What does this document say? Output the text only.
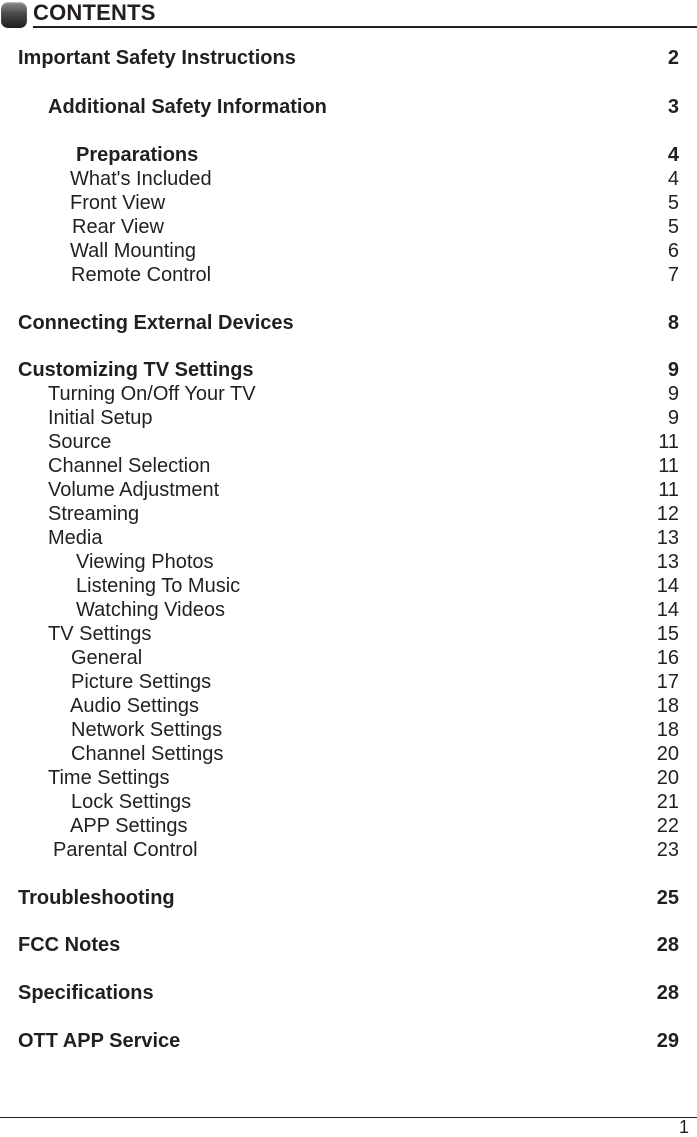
CONTENTS
Important Safety Instructions	2
Additional Safety Information	3
Preparations	4
What's Included	4
Front View	5
Rear View	5
Wall Mounting	6
Remote Control	7
Connecting External Devices	8
Customizing TV Settings	9
Turning On/Off Your TV	9
Initial Setup	9
Source	11
Channel Selection	11
Volume Adjustment	11
Streaming	12
Media	13
Viewing Photos	13
Listening To Music	14
Watching Videos	14
TV Settings	15
General	16
Picture Settings	17
Audio Settings	18
Network Settings	18
Channel Settings	20
Time Settings	20
Lock Settings	21
APP Settings	22
Parental Control	23
Troubleshooting	25
FCC Notes	28
Specifications	28
OTT APP Service	29
1
